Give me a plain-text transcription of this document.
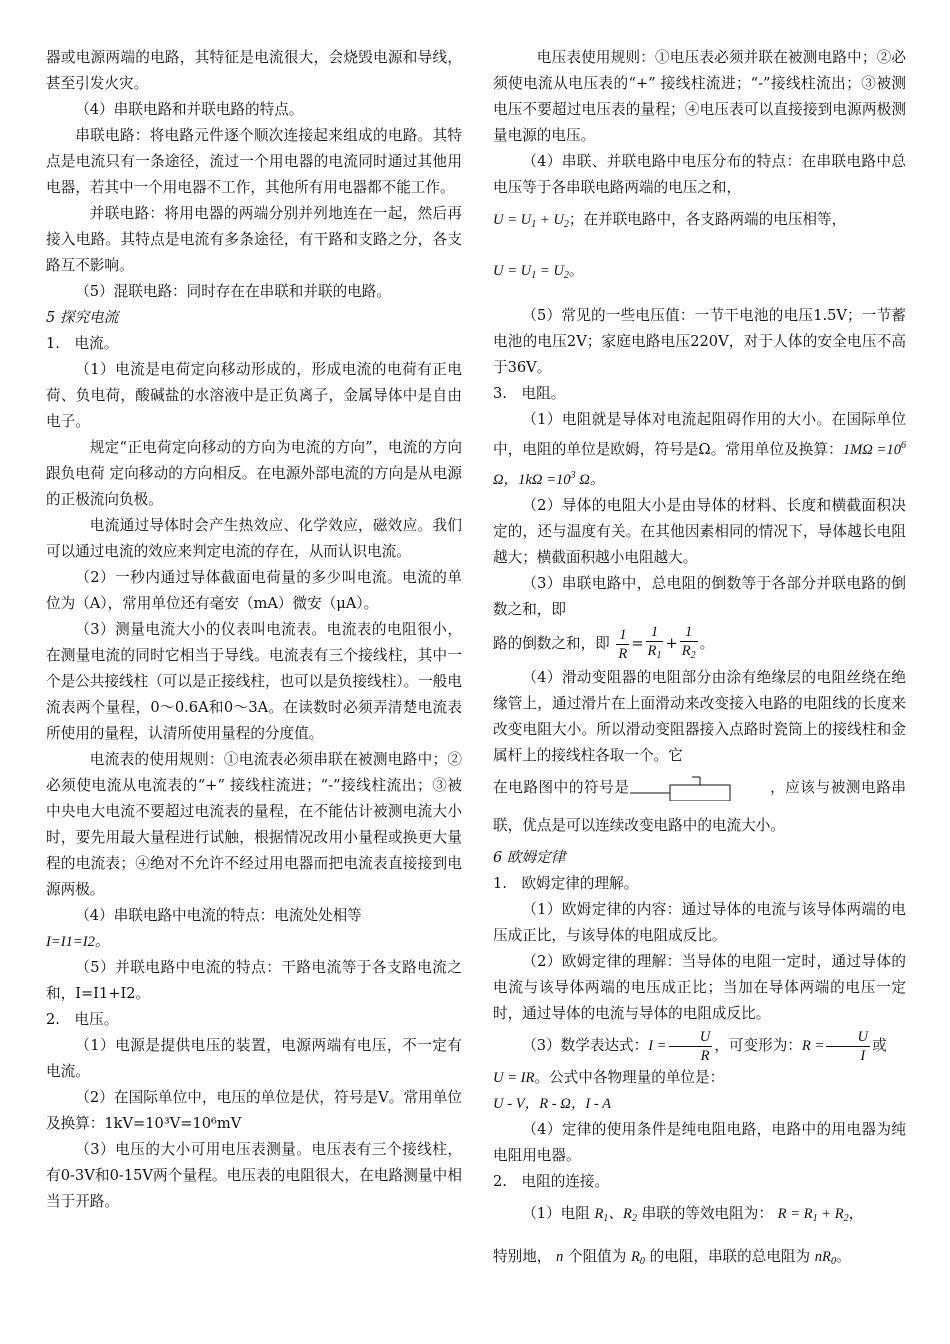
器或电源两端的电路，其特征是电流很大，会烧毁电源和导线，甚至引发火灾。

（4）串联电路和并联电路的特点。

串联电路：将电路元件逐个顺次连接起来组成的电路。其特点是电流只有一条途径，流过一个用电器的电流同时通过其他用电器，若其中一个用电器不工作，其他所有用电器都不能工作。

并联电路：将用电器的两端分别并列地连在一起，然后再接入电路。其特点是电流有多条途径，有干路和支路之分，各支路互不影响。

（5）混联电路：同时存在在串联和并联的电路。

5 探究电流

1.　电流。

（1）电流是电荷定向移动形成的，形成电流的电荷有正电荷、负电荷，酸碱盐的水溶液中是正负离子，金属导体中是自由电子。

规定“正电荷定向移动的方向为电流的方向”，电流的方向跟负电荷 定向移动的方向相反。在电源外部电流的方向是从电源的正极流向负极。

电流通过导体时会产生热效应、化学效应，磁效应。我们可以通过电流的效应来判定电流的存在，从而认识电流。

（2）一秒内通过导体截面电荷量的多少叫电流。电流的单位为（A），常用单位还有毫安（mA）微安（μA）。

（3）测量电流大小的仪表叫电流表。电流表的电阻很小，在测量电流的同时它相当于导线。电流表有三个接线柱，其中一个是公共接线柱（可以是正接线柱，也可以是负接线柱）。一般电流表两个量程，0～0.6A和0～3A。在读数时必须弄清楚电流表所使用的量程，认清所使用量程的分度值。

电流表的使用规则：①电流表必须串联在被测电路中；②必须使电流从电流表的“+” 接线柱流进；“-”接线柱流出；③被中央电大电流不要超过电流表的量程，在不能估计被测电流大小时，要先用最大量程进行试触，根据情况改用小量程或换更大量程的电流表；④绝对不允许不经过用电器而把电流表直接接到电源两极。

（4）串联电路中电流的特点：电流处处相等

I=I1=I2。

（5）并联电路中电流的特点：干路电流等于各支路电流之和，I=I1+I2。

2.　电压。

（1）电源是提供电压的装置，电源两端有电压，不一定有电流。

（2）在国际单位中，电压的单位是伏，符号是V。常用单位及换算：1kV=10³V=10⁶mV

（3）电压的大小可用电压表测量。电压表有三个接线柱，有0-3V和0-15V两个量程。电压表的电阻很大，在电路测量中相当于开路。

电压表使用规则：①电压表必须并联在被测电路中；②必须使电流从电压表的“+” 接线柱流进；“-”接线柱流出；③被测电压不要超过电压表的量程；④电压表可以直接接到电源两极测量电源的电压。

（4）串联、并联电路中电压分布的特点：在串联电路中总电压等于各串联电路两端的电压之和，

$U = U_1 + U_2$；在并联电路中，各支路两端的电压相等，

$U = U_1 = U_2$。

（5）常见的一些电压值：一节干电池的电压1.5V；一节蓄电池的电压2V；家庭电路电压220V，对于人体的安全电压不高于36V。

3.　电阻。

（1）电阻就是导体对电流起阻碍作用的大小。在国际单位中，电阻的单位是欧姆，符号是Ω。常用单位及换算：$1M\Omega =10^6$ Ω，$1k\Omega =10^3$ Ω。

（2）导体的电阻大小是由导体的材料、长度和横截面积决定的，还与温度有关。在其他因素相同的情况下，导体越长电阻越大；横截面积越小电阻越大。

（3）串联电路中，总电阻的倒数等于各部分并联电路的倒数之和，即

路的倒数之和，即 $\frac{1}{R} = \frac{1}{R_1} + \frac{1}{R_2}$ 。

（4）滑动变阻器的电阻部分由涂有绝缘层的电阻丝绕在绝缘管上，通过滑片在上面滑动来改变接入电路的电阻线的长度来改变电阻大小。所以滑动变阻器接入点路时瓷筒上的接线柱和金属杆上的接线柱各取一个。它

在电路图中的符号是	，应该与被测电路串联，优点是可以连续改变电路中的电流大小。

6 欧姆定律

1.　欧姆定律的理解。

（1）欧姆定律的内容：通过导体的电流与该导体两端的电压成正比，与该导体的电阻成反比。

（2）欧姆定律的理解：当导体的电阻一定时，通过导体的电流与该导体两端的电压成正比；当加在导体两端的电压一定时，通过导体的电流与导体的电阻成反比。

（3）数学表达式：$I = \frac{U}{R}$ ，可变形为：$R = \frac{U}{I}$ 或

U = IR。公式中各物理量的单位是：

U - V，R - Ω，I - A

（4）定律的使用条件是纯电阻电路，电路中的用电器为纯电阻用电器。

2.　电阻的连接。

（1）电阻 $R_1$、$R_2$ 串联的等效电阻为： $R = R_1 + R_2$，

特别地， n 个阻值为 $R_0$ 的电阻，串联的总电阻为 $nR_0$。
